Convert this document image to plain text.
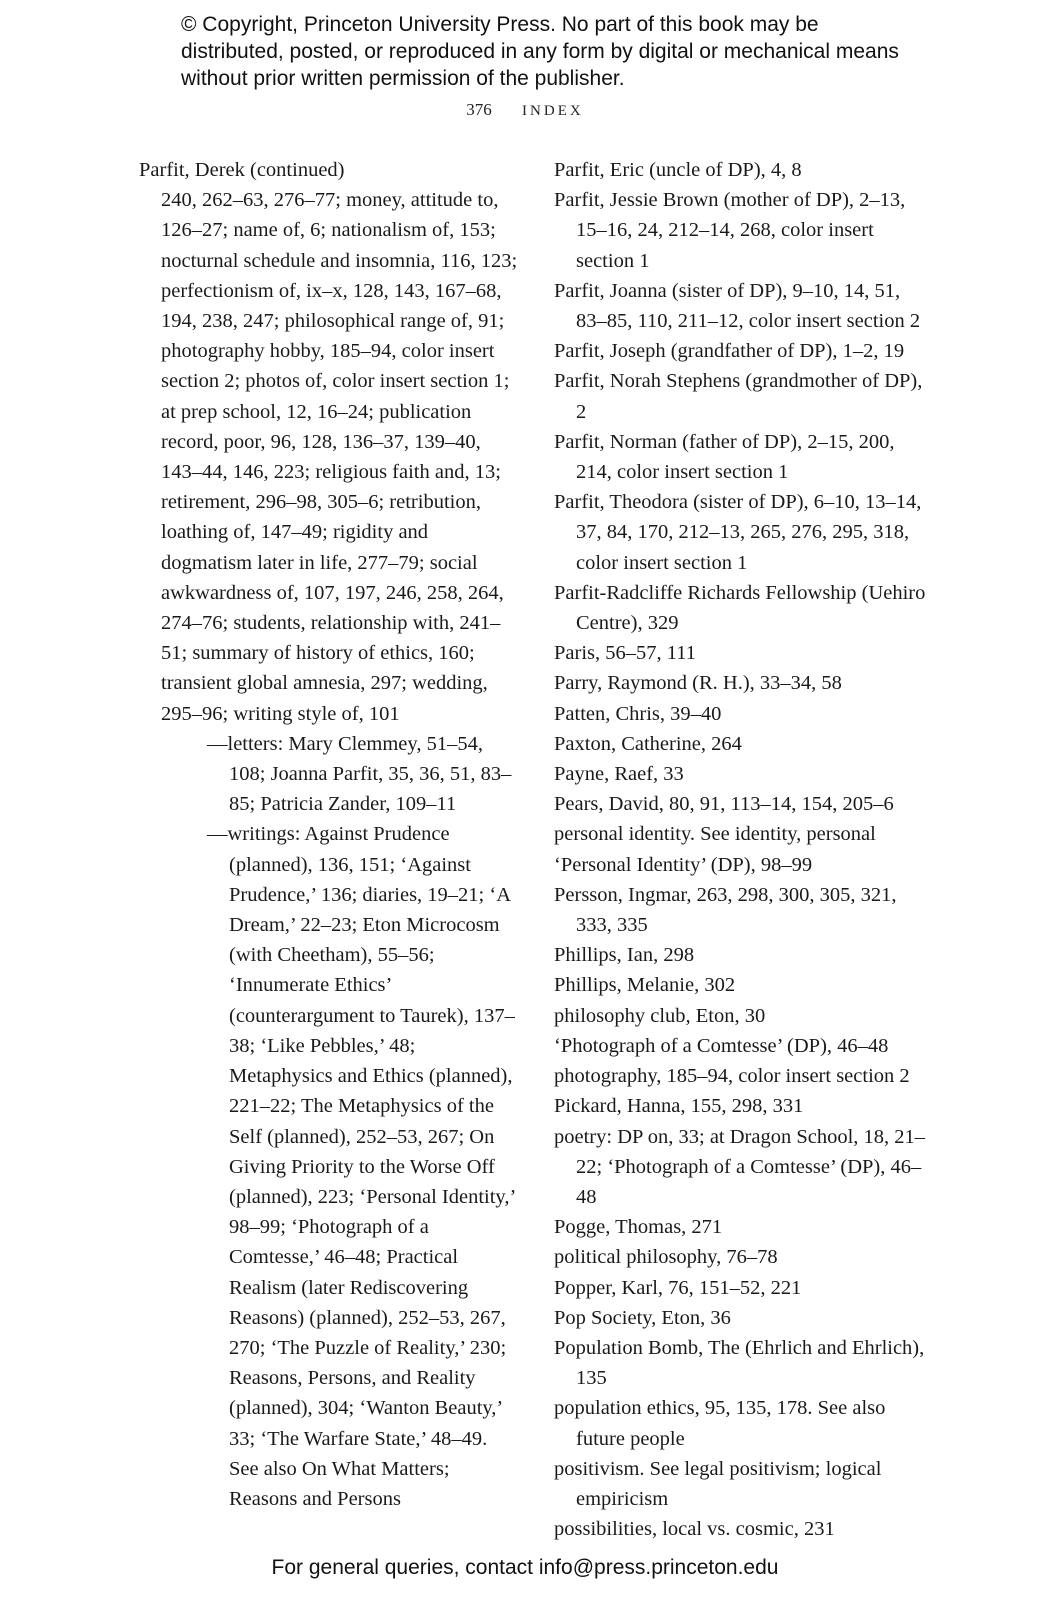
© Copyright, Princeton University Press. No part of this book may be distributed, posted, or reproduced in any form by digital or mechanical means without prior written permission of the publisher.
376 INDEX
Parfit, Derek (continued)
240, 262–63, 276–77; money, attitude to, 126–27; name of, 6; nationalism of, 153; nocturnal schedule and insomnia, 116, 123; perfectionism of, ix–x, 128, 143, 167–68, 194, 238, 247; philosophical range of, 91; photography hobby, 185–94, color insert section 2; photos of, color insert section 1; at prep school, 12, 16–24; publication record, poor, 96, 128, 136–37, 139–40, 143–44, 146, 223; religious faith and, 13; retirement, 296–98, 305–6; retribution, loathing of, 147–49; rigidity and dogmatism later in life, 277–79; social awkwardness of, 107, 197, 246, 258, 264, 274–76; students, relationship with, 241–51; summary of history of ethics, 160; transient global amnesia, 297; wedding, 295–96; writing style of, 101
—letters: Mary Clemmey, 51–54, 108; Joanna Parfit, 35, 36, 51, 83–85; Patricia Zander, 109–11
—writings: Against Prudence (planned), 136, 151; ‘Against Prudence,’ 136; diaries, 19–21; ‘A Dream,’ 22–23; Eton Microcosm (with Cheetham), 55–56; ‘Innumerate Ethics’ (counterargument to Taurek), 137–38; ‘Like Pebbles,’ 48; Metaphysics and Ethics (planned), 221–22; The Metaphysics of the Self (planned), 252–53, 267; On Giving Priority to the Worse Off (planned), 223; ‘Personal Identity,’ 98–99; ‘Photograph of a Comtesse,’ 46–48; Practical Realism (later Rediscovering Reasons) (planned), 252–53, 267, 270; ‘The Puzzle of Reality,’ 230; Reasons, Persons, and Reality (planned), 304; ‘Wanton Beauty,’ 33; ‘The Warfare State,’ 48–49. See also On What Matters; Reasons and Persons
Parfit, Eric (uncle of DP), 4, 8
Parfit, Jessie Brown (mother of DP), 2–13, 15–16, 24, 212–14, 268, color insert section 1
Parfit, Joanna (sister of DP), 9–10, 14, 51, 83–85, 110, 211–12, color insert section 2
Parfit, Joseph (grandfather of DP), 1–2, 19
Parfit, Norah Stephens (grandmother of DP), 2
Parfit, Norman (father of DP), 2–15, 200, 214, color insert section 1
Parfit, Theodora (sister of DP), 6–10, 13–14, 37, 84, 170, 212–13, 265, 276, 295, 318, color insert section 1
Parfit-Radcliffe Richards Fellowship (Uehiro Centre), 329
Paris, 56–57, 111
Parry, Raymond (R. H.), 33–34, 58
Patten, Chris, 39–40
Paxton, Catherine, 264
Payne, Raef, 33
Pears, David, 80, 91, 113–14, 154, 205–6
personal identity. See identity, personal
‘Personal Identity’ (DP), 98–99
Persson, Ingmar, 263, 298, 300, 305, 321, 333, 335
Phillips, Ian, 298
Phillips, Melanie, 302
philosophy club, Eton, 30
‘Photograph of a Comtesse’ (DP), 46–48
photography, 185–94, color insert section 2
Pickard, Hanna, 155, 298, 331
poetry: DP on, 33; at Dragon School, 18, 21–22; ‘Photograph of a Comtesse’ (DP), 46–48
Pogge, Thomas, 271
political philosophy, 76–78
Popper, Karl, 76, 151–52, 221
Pop Society, Eton, 36
Population Bomb, The (Ehrlich and Ehrlich), 135
population ethics, 95, 135, 178. See also future people
positivism. See legal positivism; logical empiricism
possibilities, local vs. cosmic, 231
For general queries, contact info@press.princeton.edu
